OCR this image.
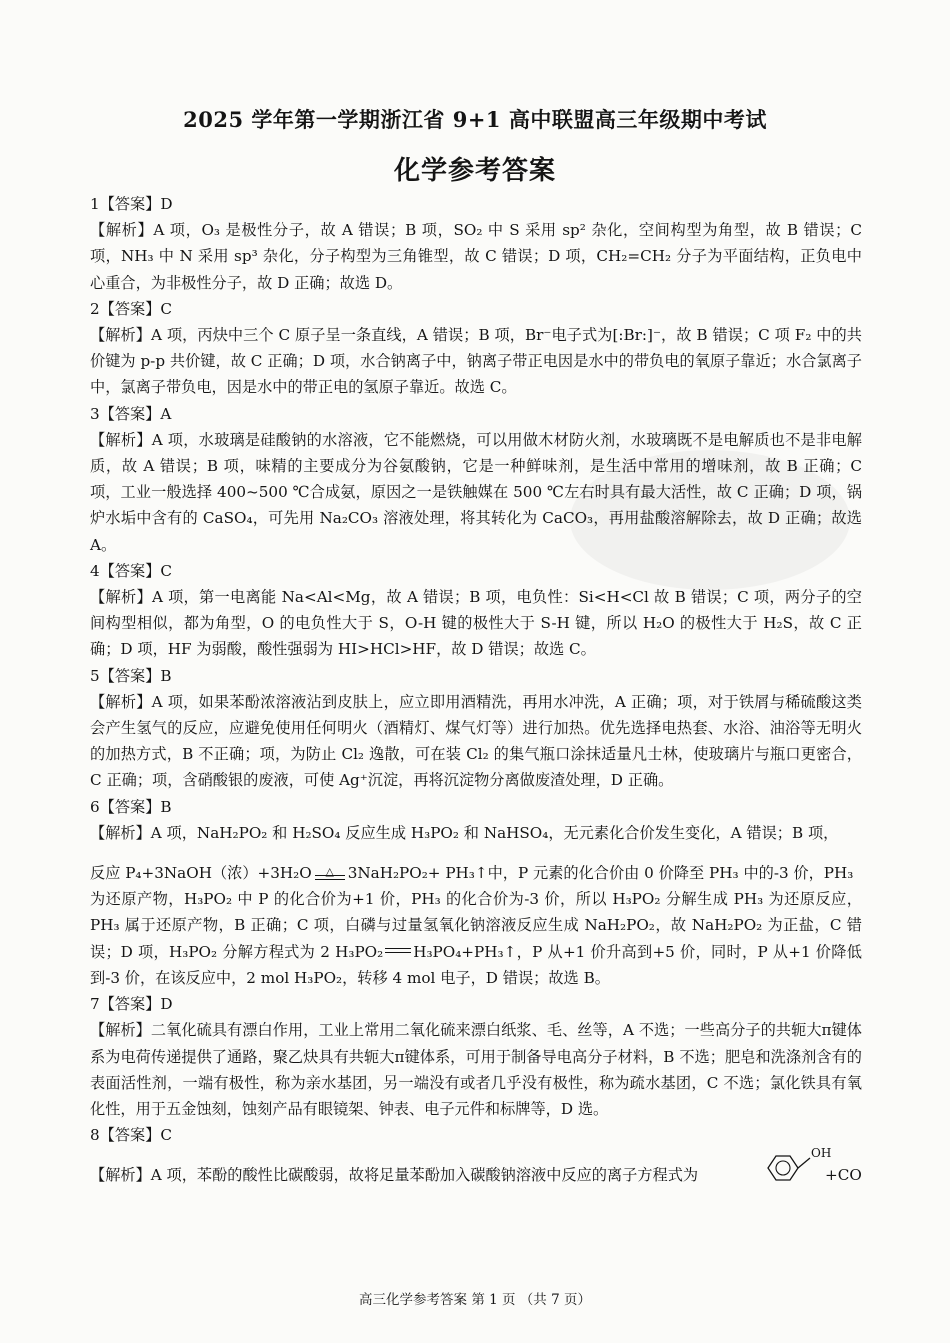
2025 学年第一学期浙江省 9+1 高中联盟高三年级期中考试
化学参考答案

1【答案】D

【解析】A 项，O₃ 是极性分子，故 A 错误；B 项，SO₂ 中 S 采用 sp² 杂化，空间构型为角型，故 B 错误；C 项，NH₃ 中 N 采用 sp³ 杂化，分子构型为三角锥型，故 C 错误；D 项，CH₂=CH₂ 分子为平面结构，正负电中心重合，为非极性分子，故 D 正确；故选 D。

2【答案】C

【解析】A 项，丙炔中三个 C 原子呈一条直线，A 错误；B 项，Br⁻电子式为[:Br:]⁻，故 B 错误；C 项 F₂ 中的共价键为 p-p 共价键，故 C 正确；D 项，水合钠离子中，钠离子带正电因是水中的带负电的氧原子靠近；水合氯离子中，氯离子带负电，因是水中的带正电的氢原子靠近。故选 C。

3【答案】A

【解析】A 项，水玻璃是硅酸钠的水溶液，它不能燃烧，可以用做木材防火剂，水玻璃既不是电解质也不是非电解质，故 A 错误；B 项，味精的主要成分为谷氨酸钠，它是一种鲜味剂，是生活中常用的增味剂，故 B 正确；C 项，工业一般选择 400~500 ℃合成氨，原因之一是铁触媒在 500 ℃左右时具有最大活性，故 C 正确；D 项，锅炉水垢中含有的 CaSO₄，可先用 Na₂CO₃ 溶液处理，将其转化为 CaCO₃，再用盐酸溶解除去，故 D 正确；故选 A。

4【答案】C

【解析】A 项，第一电离能 Na<Al<Mg，故 A 错误；B 项，电负性：Si<H<Cl 故 B 错误；C 项，两分子的空间构型相似，都为角型，O 的电负性大于 S，O-H 键的极性大于 S-H 键，所以 H₂O 的极性大于 H₂S，故 C 正确；D 项，HF 为弱酸，酸性强弱为 HI>HCl>HF，故 D 错误；故选 C。

5【答案】B

【解析】A 项，如果苯酚浓溶液沾到皮肤上，应立即用酒精洗，再用水冲洗，A 正确；项，对于铁屑与稀硫酸这类会产生氢气的反应，应避免使用任何明火（酒精灯、煤气灯等）进行加热。优先选择电热套、水浴、油浴等无明火的加热方式，B 不正确；项，为防止 Cl₂ 逸散，可在装 Cl₂ 的集气瓶口涂抹适量凡士林，使玻璃片与瓶口更密合，C 正确；项，含硝酸银的废液，可使 Ag⁺沉淀，再将沉淀物分离做废渣处理，D 正确。

6【答案】B

【解析】A 项，NaH₂PO₂ 和 H₂SO₄ 反应生成 H₃PO₂ 和 NaHSO₄，无元素化合价发生变化，A 错误；B 项，

反应 P₄+3NaOH（浓）+3H₂O	△ 3NaH₂PO₂+ PH₃↑中，P 元素的化合价由 0 价降至 PH₃ 中的-3 价，PH₃

为还原产物，H₃PO₂ 中 P 的化合价为+1 价，PH₃ 的化合价为-3 价，所以 H₃PO₂ 分解生成 PH₃ 为还原反应，PH₃ 属于还原产物，B 正确；C 项，白磷与过量氢氧化钠溶液反应生成 NaH₂PO₂，故 NaH₂PO₂ 为正盐，C 错误；D 项，H₃PO₂ 分解方程式为 2 H₃PO₂ H₃PO₄+PH₃↑，P 从+1 价升高到+5 价，同时，P 从+1 价降低到-3 价，在该反应中，2 mol H₃PO₂，转移 4 mol 电子，D 错误；故选 B。

7【答案】D

【解析】二氧化硫具有漂白作用，工业上常用二氧化硫来漂白纸浆、毛、丝等，A 不选；一些高分子的共轭大π键体系为电荷传递提供了通路，聚乙炔具有共轭大π键体系，可用于制备导电高分子材料，B 不选；肥皂和洗涤剂含有的表面活性剂，一端有极性，称为亲水基团，另一端没有或者几乎没有极性，称为疏水基团，C 不选；氯化铁具有氧化性，用于五金蚀刻，蚀刻产品有眼镜架、钟表、电子元件和标牌等，D 选。

8【答案】C

【解析】A 项，苯酚的酸性比碳酸弱，故将足量苯酚加入碳酸钠溶液中反应的离子方程式为
OH
+CO
高三化学参考答案 第 1 页 （共 7 页）
